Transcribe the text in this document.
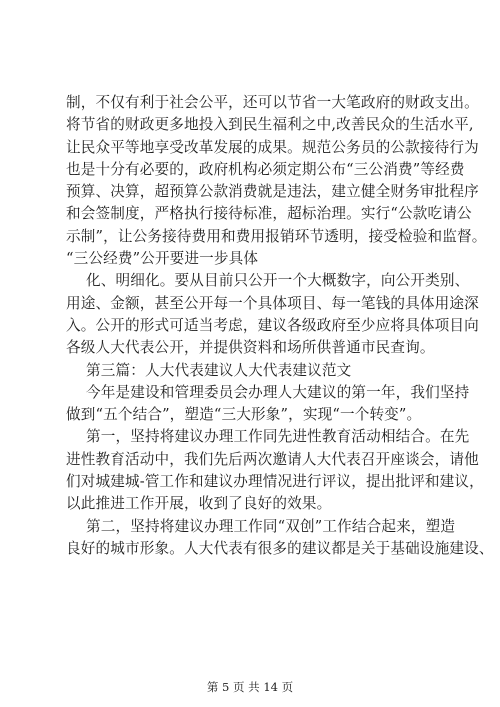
制，不仅有利于社会公平，还可以节省一大笔政府的财政支出。
将节省的财政更多地投入到民生福利之中,改善民众的生活水平,
让民众平等地享受改革发展的成果。规范公务员的公款接待行为
也是十分有必要的，政府机构必须定期公布“三公消费”等经费
预算、决算，超预算公款消费就是违法，建立健全财务审批程序
和会签制度，严格执行接待标准，超标治理。实行“公款吃请公
示制”，让公务接待费用和费用报销环节透明，接受检验和监督。
“三公经费”公开要进一步具体
化、明细化。要从目前只公开一个大概数字，向公开类别、
用途、金额，甚至公开每一个具体项目、每一笔钱的具体用途深
入。公开的形式可适当考虑，建议各级政府至少应将具体项目向
各级人大代表公开，并提供资料和场所供普通市民查询。
第三篇：人大代表建议人大代表建议范文
今年是建设和管理委员会办理人大建议的第一年，我们坚持
做到“五个结合”，塑造“三大形象”，实现“一个转变”。
第一，坚持将建议办理工作同先进性教育活动相结合。在先
进性教育活动中，我们先后两次邀请人大代表召开座谈会，请他
们对城建城-管工作和建议办理情况进行评议，提出批评和建议，
以此推进工作开展，收到了良好的效果。
第二，坚持将建议办理工作同“双创”工作结合起来，塑造
良好的城市形象。人大代表有很多的建议都是关于基础设施建设、
第 5 页 共 14 页
